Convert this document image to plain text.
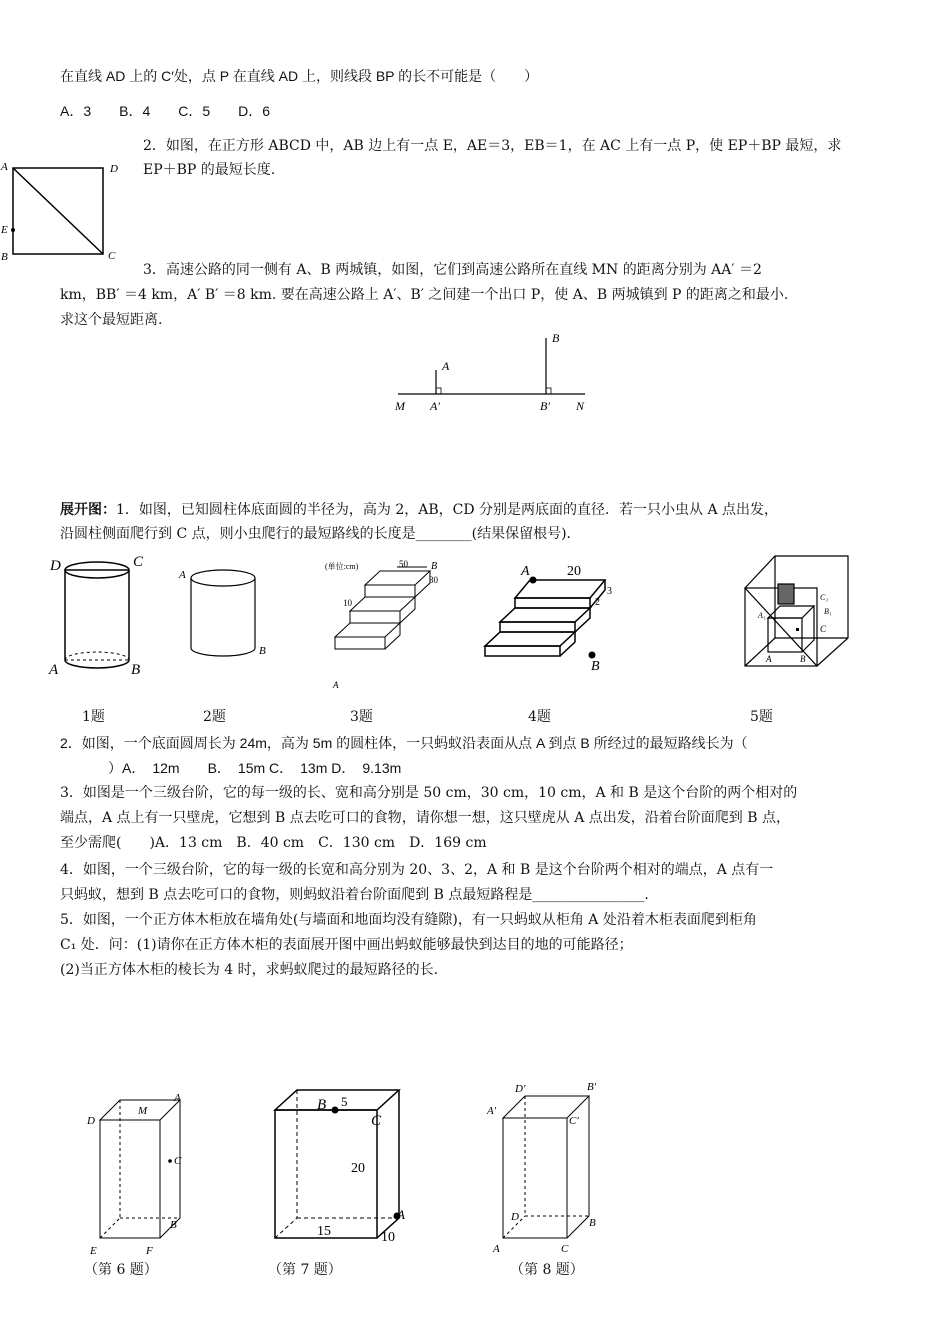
在直线 AD 上的 C′处，点 P 在直线 AD 上，则线段 BP 的长不可能是（　　）
A．3　　B．4　　C．5　　D．6
2．如图，在正方形 ABCD 中，AB 边上有一点 E，AE＝3，EB＝1，在 AC 上有一点 P，使 EP＋BP 最短，求
EP＋BP 的最短长度.
A	D
E
B	C
3．高速公路的同一侧有 A、B 两城镇，如图，它们到高速公路所在直线 MN 的距离分别为 AA′ ＝2
km，BB′ ＝4 km，A′ B′ ＝8 km. 要在高速公路上 A′、B′ 之间建一个出口 P，使 A、B 两城镇到 P 的距离之和最小.
求这个最短距离.
A
B
M A′	B′ N
展开图：1．如图，已知圆柱体底面圆的半径为，高为 2，AB，CD 分别是两底面的直径．若一只小虫从 A 点出发，
沿圆柱侧面爬行到 C 点，则小虫爬行的最短路线的长度是________(结果保留根号)．
D	C
A	B
A
B
(单位:cm)	50 B
30
10
A
A	20
3
2
B
C₁
B₁
A₁
C
A	B
1题	2题	3题	4题	5题
2．如图，一个底面圆周长为 24m，高为 5m 的圆柱体，一只蚂蚁沿表面从点 A 到点 B 所经过的最短路线长为（
）A．　12m　　B．　15m C．　13m D．　9.13m
3．如图是一个三级台阶，它的每一级的长、宽和高分别是 50 cm，30 cm，10 cm，A 和 B 是这个台阶的两个相对的
端点，A 点上有一只壁虎，它想到 B 点去吃可口的食物，请你想一想，这只壁虎从 A 点出发，沿着台阶面爬到 B 点，
至少需爬(　　)A．13 cm　B．40 cm　C．130 cm　D．169 cm
4．如图，一个三级台阶，它的每一级的长宽和高分别为 20、3、2，A 和 B 是这个台阶两个相对的端点，A 点有一
只蚂蚁，想到 B 点去吃可口的食物，则蚂蚁沿着台阶面爬到 B 点最短路程是________________.
5．如图，一个正方体木柜放在墙角处(与墙面和地面均没有缝隙)，有一只蚂蚁从柜角 A 处沿着木柜表面爬到柜角
C₁ 处．问：(1)请你在正方体木柜的表面展开图中画出蚂蚁能够最快到达目的地的可能路径；
(2)当正方体木柜的棱长为 4 时，求蚂蚁爬过的最短路径的长.
D
M
A
C
B
E	F
B 5
C
20
A
15	10
D′	B′
A′
C′
D	B
A	C
（第 6 题）	（第 7 题）	（第 8 题）
